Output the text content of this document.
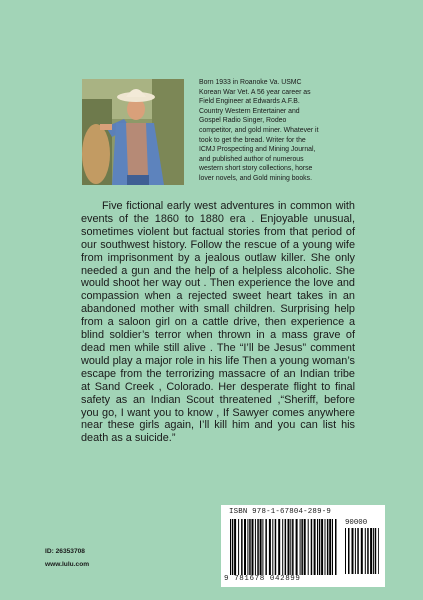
Born 1933 in Roanoke Va. USMC
Korean War Vet. A 56 year career as
Field Engineer at Edwards A.F.B.
Country Western Entertainer and
Gospel Radio Singer, Rodeo
competitor, and gold miner. Whatever it
took to get the bread. Writer for the
ICMJ Prospecting and Mining Journal,
and published author of numerous
western short story collections, horse
lover novels, and Gold mining books.

Five fictional early west adventures in common with events of the 1860 to 1880 era . Enjoyable unusual, sometimes violent but factual stories from that period of our southwest history. Follow the rescue of a young wife from imprisonment by a jealous outlaw killer. She only needed a gun and the help of a helpless alcoholic. She would shoot her way out . Then experience the love and compassion when a rejected sweet heart takes in an abandoned mother with small children. Surprising help from a saloon girl on a cattle drive, then experience a blind soldier’s terror when thrown in a mass grave of dead men while still alive . The “I’ll be Jesus” comment would play a major role in his life Then a young woman’s escape from the terrorizing massacre of an Indian tribe at Sand Creek , Colorado. Her desperate flight to final safety as an Indian Scout threatened ,“Sheriff, before you go, I want you to know , If Sawyer comes anywhere near these girls again, I’ll kill him and you can list his death as a suicide.”

ISBN 978-1-67804-289-9
90000
9 781678 042899
ID: 26353708
www.lulu.com
